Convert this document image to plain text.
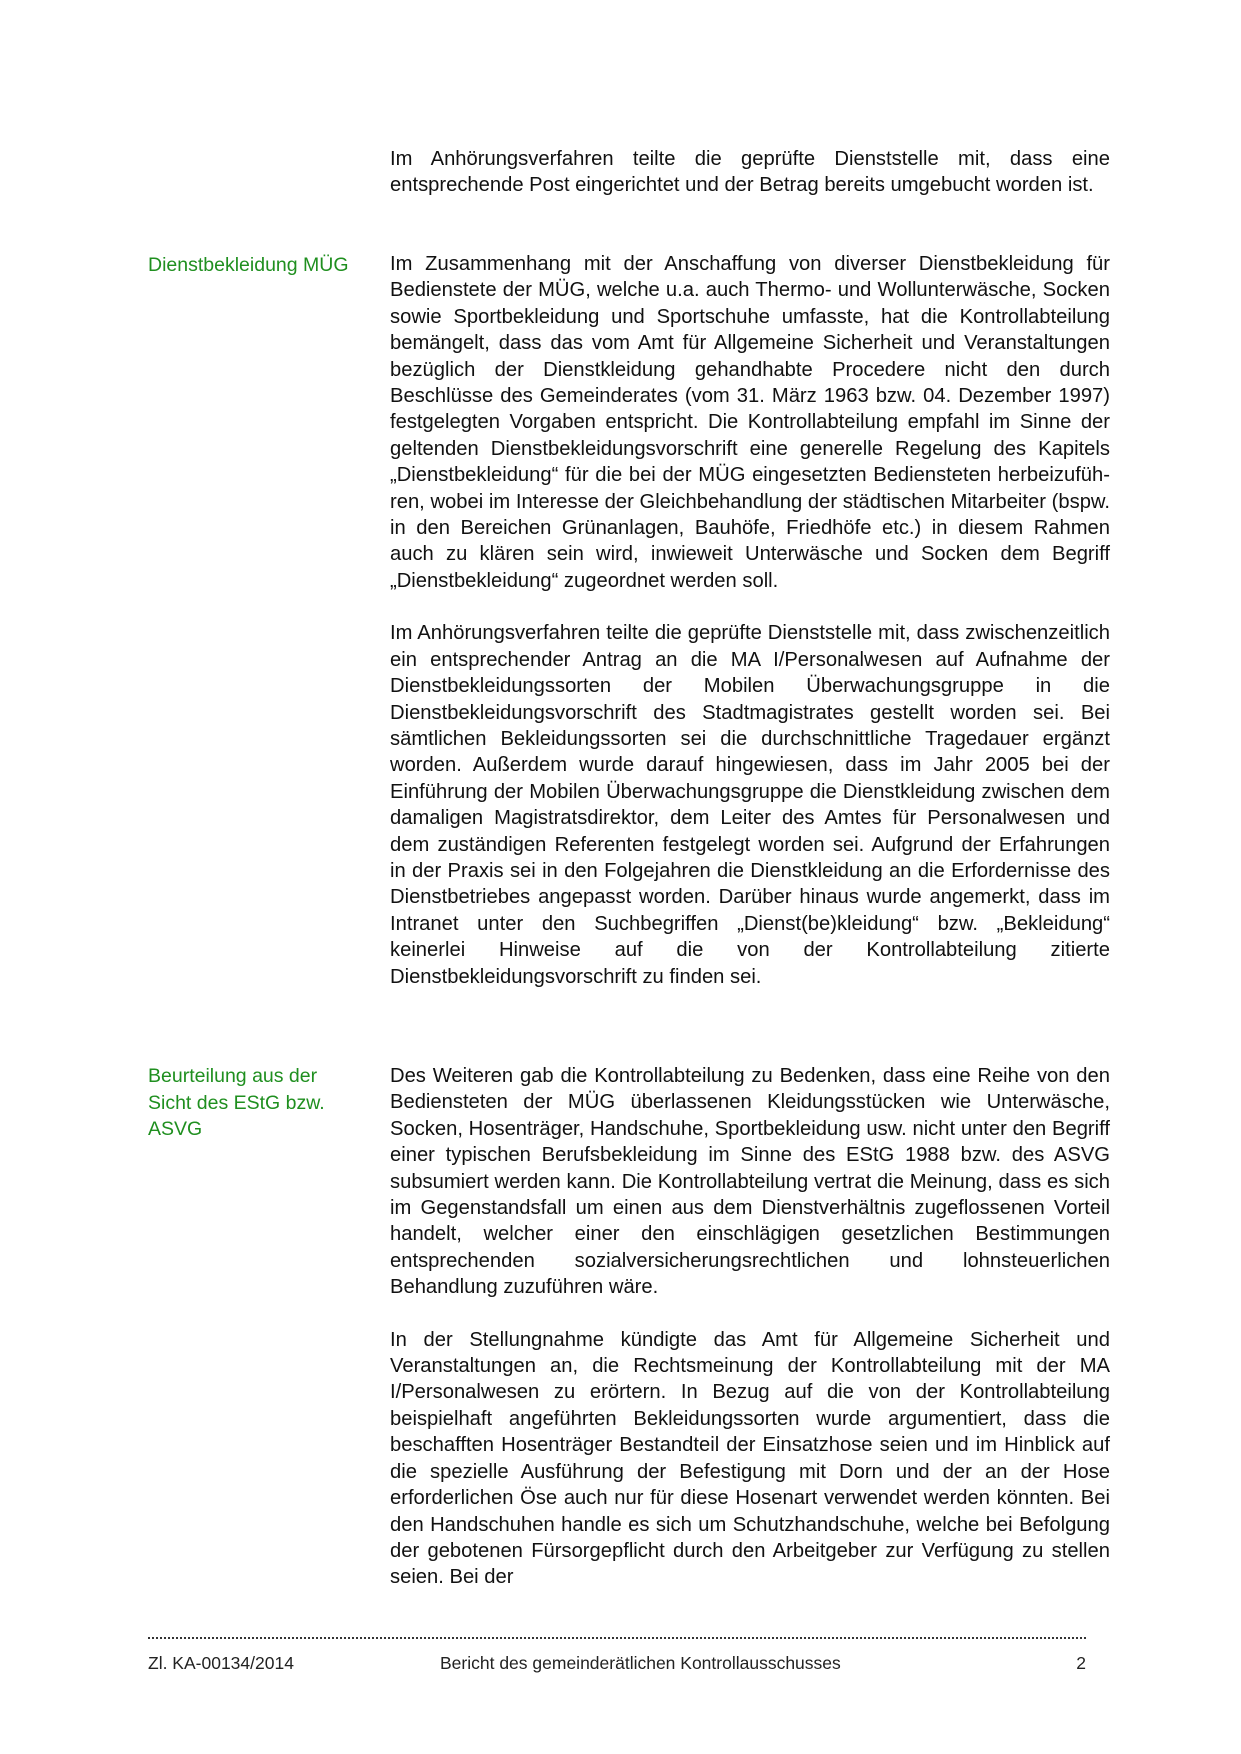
Im Anhörungsverfahren teilte die geprüfte Dienststelle mit, dass eine entsprechende Post eingerichtet und der Betrag bereits umgebucht worden ist.

Dienstbekleidung MÜG	Im Zusammenhang mit der Anschaffung von diverser Dienstbekleidung für Bedienstete der MÜG, welche u.a. auch Thermo- und Wollunterwäsche, Socken sowie Sportbekleidung und Sportschuhe umfasste, hat die Kontrollabteilung bemängelt, dass das vom Amt für Allgemeine Sicherheit und Veranstaltungen bezüglich der Dienstkleidung gehandhabte Procedere nicht den durch Beschlüsse des Gemeinderates (vom 31. März 1963 bzw. 04. Dezember 1997) festgelegten Vorgaben entspricht. Die Kontrollabteilung empfahl im Sinne der geltenden Dienstbekleidungsvorschrift eine generelle Regelung des Kapitels „Dienstbekleidung“ für die bei der MÜG eingesetzten Bediensteten herbeizuführen, wobei im Interesse der Gleichbehandlung der städtischen Mitarbeiter (bspw. in den Bereichen Grünanlagen, Bauhöfe, Friedhöfe etc.) in diesem Rahmen auch zu klären sein wird, inwieweit Unterwäsche und Socken dem Begriff „Dienstbekleidung“ zugeordnet werden soll.

Im Anhörungsverfahren teilte die geprüfte Dienststelle mit, dass zwischenzeitlich ein entsprechender Antrag an die MA I/Personalwesen auf Aufnahme der Dienstbekleidungssorten der Mobilen Überwachungsgruppe in die Dienstbekleidungsvorschrift des Stadtmagistrates gestellt worden sei. Bei sämtlichen Bekleidungssorten sei die durchschnittliche Tragedauer ergänzt worden. Außerdem wurde darauf hingewiesen, dass im Jahr 2005 bei der Einführung der Mobilen Überwachungsgruppe die Dienstkleidung zwischen dem damaligen Magistratsdirektor, dem Leiter des Amtes für Personalwesen und dem zuständigen Referenten festgelegt worden sei. Aufgrund der Erfahrungen in der Praxis sei in den Folgejahren die Dienstkleidung an die Erfordernisse des Dienstbetriebes angepasst worden. Darüber hinaus wurde angemerkt, dass im Intranet unter den Suchbegriffen „Dienst(be)kleidung“ bzw. „Bekleidung“ keinerlei Hinweise auf die von der Kontrollabteilung zitierte Dienstbekleidungsvorschrift zu finden sei.

Beurteilung aus der Sicht des EStG bzw. ASVG

Des Weiteren gab die Kontrollabteilung zu Bedenken, dass eine Reihe von den Bediensteten der MÜG überlassenen Kleidungsstücken wie Unterwäsche, Socken, Hosenträger, Handschuhe, Sportbekleidung usw. nicht unter den Begriff einer typischen Berufsbekleidung im Sinne des EStG 1988 bzw. des ASVG subsumiert werden kann. Die Kontrollabteilung vertrat die Meinung, dass es sich im Gegenstandsfall um einen aus dem Dienstverhältnis zugeflossenen Vorteil handelt, welcher einer den einschlägigen gesetzlichen Bestimmungen entsprechenden sozialversicherungsrechtlichen und lohnsteuerlichen Behandlung zuzuführen wäre.

In der Stellungnahme kündigte das Amt für Allgemeine Sicherheit und Veranstaltungen an, die Rechtsmeinung der Kontrollabteilung mit der MA I/Personalwesen zu erörtern. In Bezug auf die von der Kontrollabteilung beispielhaft angeführten Bekleidungssorten wurde argumentiert, dass die beschafften Hosenträger Bestandteil der Einsatzhose seien und im Hinblick auf die spezielle Ausführung der Befestigung mit Dorn und der an der Hose erforderlichen Öse auch nur für diese Hosenart verwendet werden könnten. Bei den Handschuhen handle es sich um Schutzhandschuhe, welche bei Befolgung der gebotenen Fürsorgepflicht durch den Arbeitgeber zur Verfügung zu stellen seien. Bei der

Zl. KA-00134/2014	Bericht des gemeinderätlichen Kontrollausschusses	2
